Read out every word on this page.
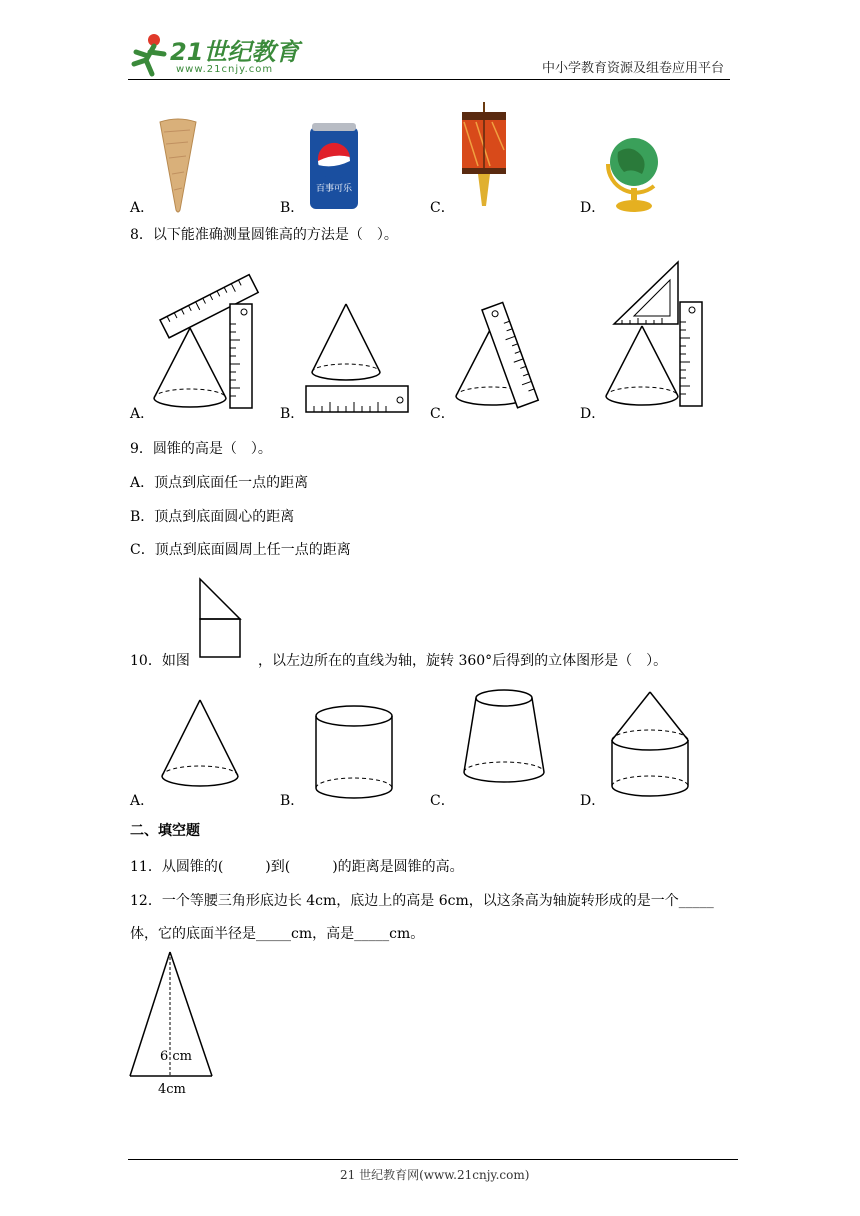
21世纪教育
www.21cnjy.com	中小学教育资源及组卷应用平台
A．
百事可乐
B．	C．	D．
8．以下能准确测量圆锥高的方法是（　）。
A．	B．	C．	D．
9．圆锥的高是（　）。
A．顶点到底面任一点的距离
B．顶点到底面圆心的距离
C．顶点到底面圆周上任一点的距离
10．如图	，以左边所在的直线为轴，旋转 360°后得到的立体图形是（　）。
A．	B．	C．	D．
二、填空题
11．从圆锥的(　　　)到(　　　)的距离是圆锥的高。
12．一个等腰三角形底边长 4cm，底边上的高是 6cm，以这条高为轴旋转形成的是一个_____
体，它的底面半径是_____cm，高是_____cm。
6 cm
4cm
21 世纪教育网(www.21cnjy.com)
